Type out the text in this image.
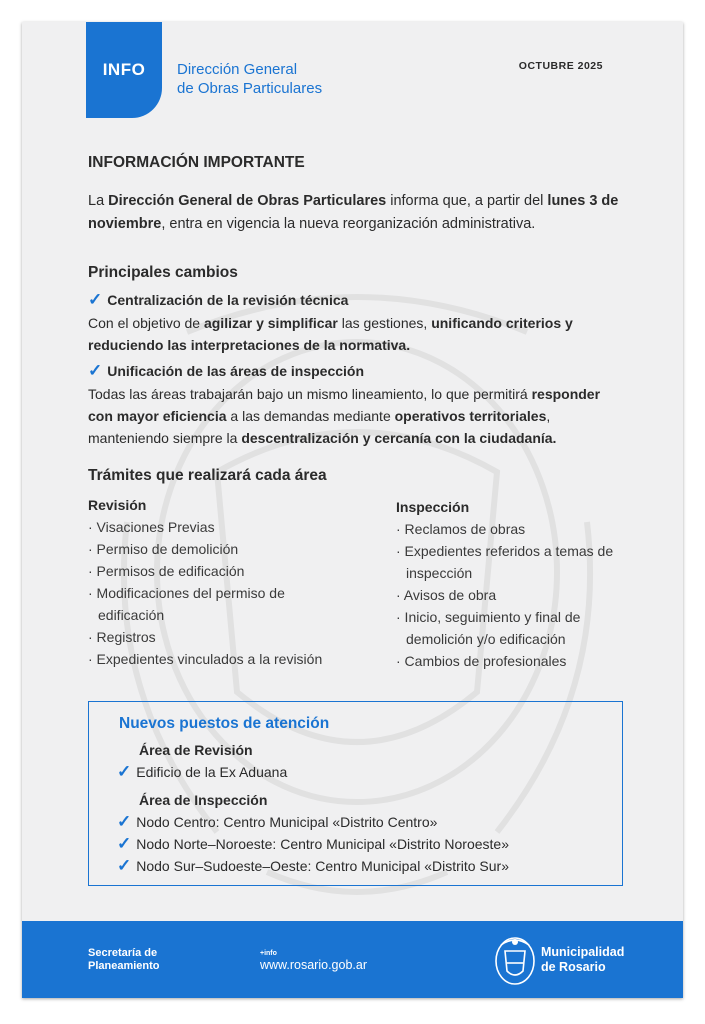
INFO Dirección General
de Obras Particulares
OCTUBRE 2025
INFORMACIÓN IMPORTANTE
La Dirección General de Obras Particulares informa que, a partir del lunes 3 de noviembre, entra en vigencia la nueva reorganización administrativa.
Principales cambios
✓ Centralización de la revisión técnica
Con el objetivo de agilizar y simplificar las gestiones, unificando criterios y reduciendo las interpretaciones de la normativa.
✓ Unificación de las áreas de inspección
Todas las áreas trabajarán bajo un mismo lineamiento, lo que permitirá responder con mayor eficiencia a las demandas mediante operativos territoriales, manteniendo siempre la descentralización y cercanía con la ciudadanía.
Trámites que realizará cada área
Revisión
· Visaciones Previas
· Permiso de demolición
· Permisos de edificación
· Modificaciones del permiso de edificación
· Registros
· Expedientes vinculados a la revisión
Inspección
· Reclamos de obras
· Expedientes referidos a temas de inspección
· Avisos de obra
· Inicio, seguimiento y final de demolición y/o edificación
· Cambios de profesionales
Nuevos puestos de atención
Área de Revisión
✓ Edificio de la Ex Aduana
Área de Inspección
✓ Nodo Centro: Centro Municipal «Distrito Centro»
✓ Nodo Norte–Noroeste: Centro Municipal «Distrito Noroeste»
✓ Nodo Sur–Sudoeste–Oeste: Centro Municipal «Distrito Sur»
Secretaría de
Planeamiento
+info
www.rosario.gob.ar
Municipalidad
de Rosario
